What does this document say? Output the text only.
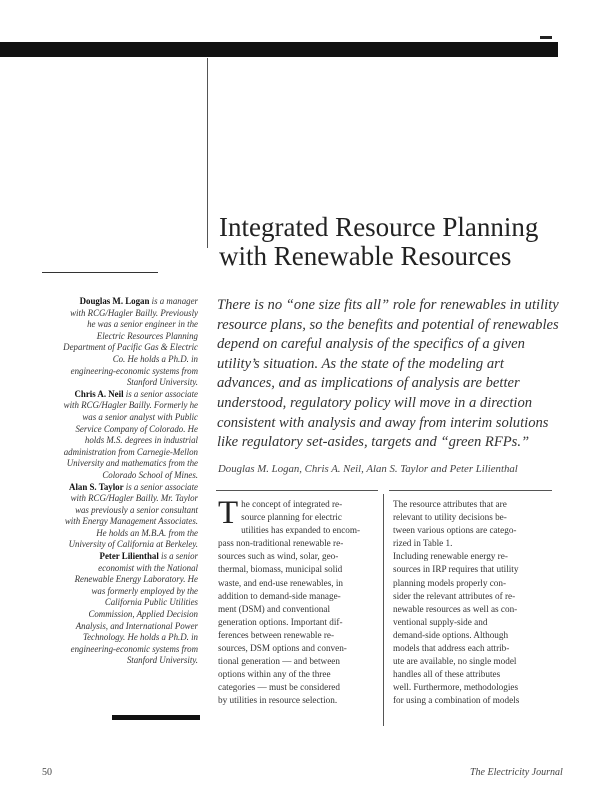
Integrated Resource Planning
with Renewable Resources
There is no “one size fits all” role for renewables in utility
resource plans, so the benefits and potential of renewables
depend on careful analysis of the specifics of a given
utility’s situation. As the state of the modeling art
advances, and as implications of analysis are better
understood, regulatory policy will move in a direction
consistent with analysis and away from interim solutions
like regulatory set-asides, targets and “green RFPs.”
Douglas M. Logan, Chris A. Neil, Alan S. Taylor and Peter Lilienthal
Douglas M. Logan is a manager
with RCG/Hagler Bailly. Previously
he was a senior engineer in the
Electric Resources Planning
Department of Pacific Gas & Electric
Co. He holds a Ph.D. in
engineering-economic systems from
Stanford University.
Chris A. Neil is a senior associate
with RCG/Hagler Bailly. Formerly he
was a senior analyst with Public
Service Company of Colorado. He
holds M.S. degrees in industrial
administration from Carnegie-Mellon
University and mathematics from the
Colorado School of Mines.
Alan S. Taylor is a senior associate
with RCG/Hagler Bailly. Mr. Taylor
was previously a senior consultant
with Energy Management Associates.
He holds an M.B.A. from the
University of California at Berkeley.
Peter Lilienthal is a senior
economist with the National
Renewable Energy Laboratory. He
was formerly employed by the
California Public Utilities
Commission, Applied Decision
Analysis, and International Power
Technology. He holds a Ph.D. in
engineering-economic systems from
Stanford University.
T he concept of integrated re-
source planning for electric
utilities has expanded to encom-
pass non-traditional renewable re-
sources such as wind, solar, geo-
thermal, biomass, municipal solid
waste, and end-use renewables, in
addition to demand-side manage-
ment (DSM) and conventional
generation options. Important dif-
ferences between renewable re-
sources, DSM options and conven-
tional generation — and between
options within any of the three
categories — must be considered
by utilities in resource selection.
The resource attributes that are
relevant to utility decisions be-
tween various options are catego-
rized in Table 1.
Including renewable energy re-
sources in IRP requires that utility
planning models properly con-
sider the relevant attributes of re-
newable resources as well as con-
ventional supply-side and
demand-side options. Although
models that address each attrib-
ute are available, no single model
handles all of these attributes
well. Furthermore, methodologies
for using a combination of models
50	The Electricity Journal
